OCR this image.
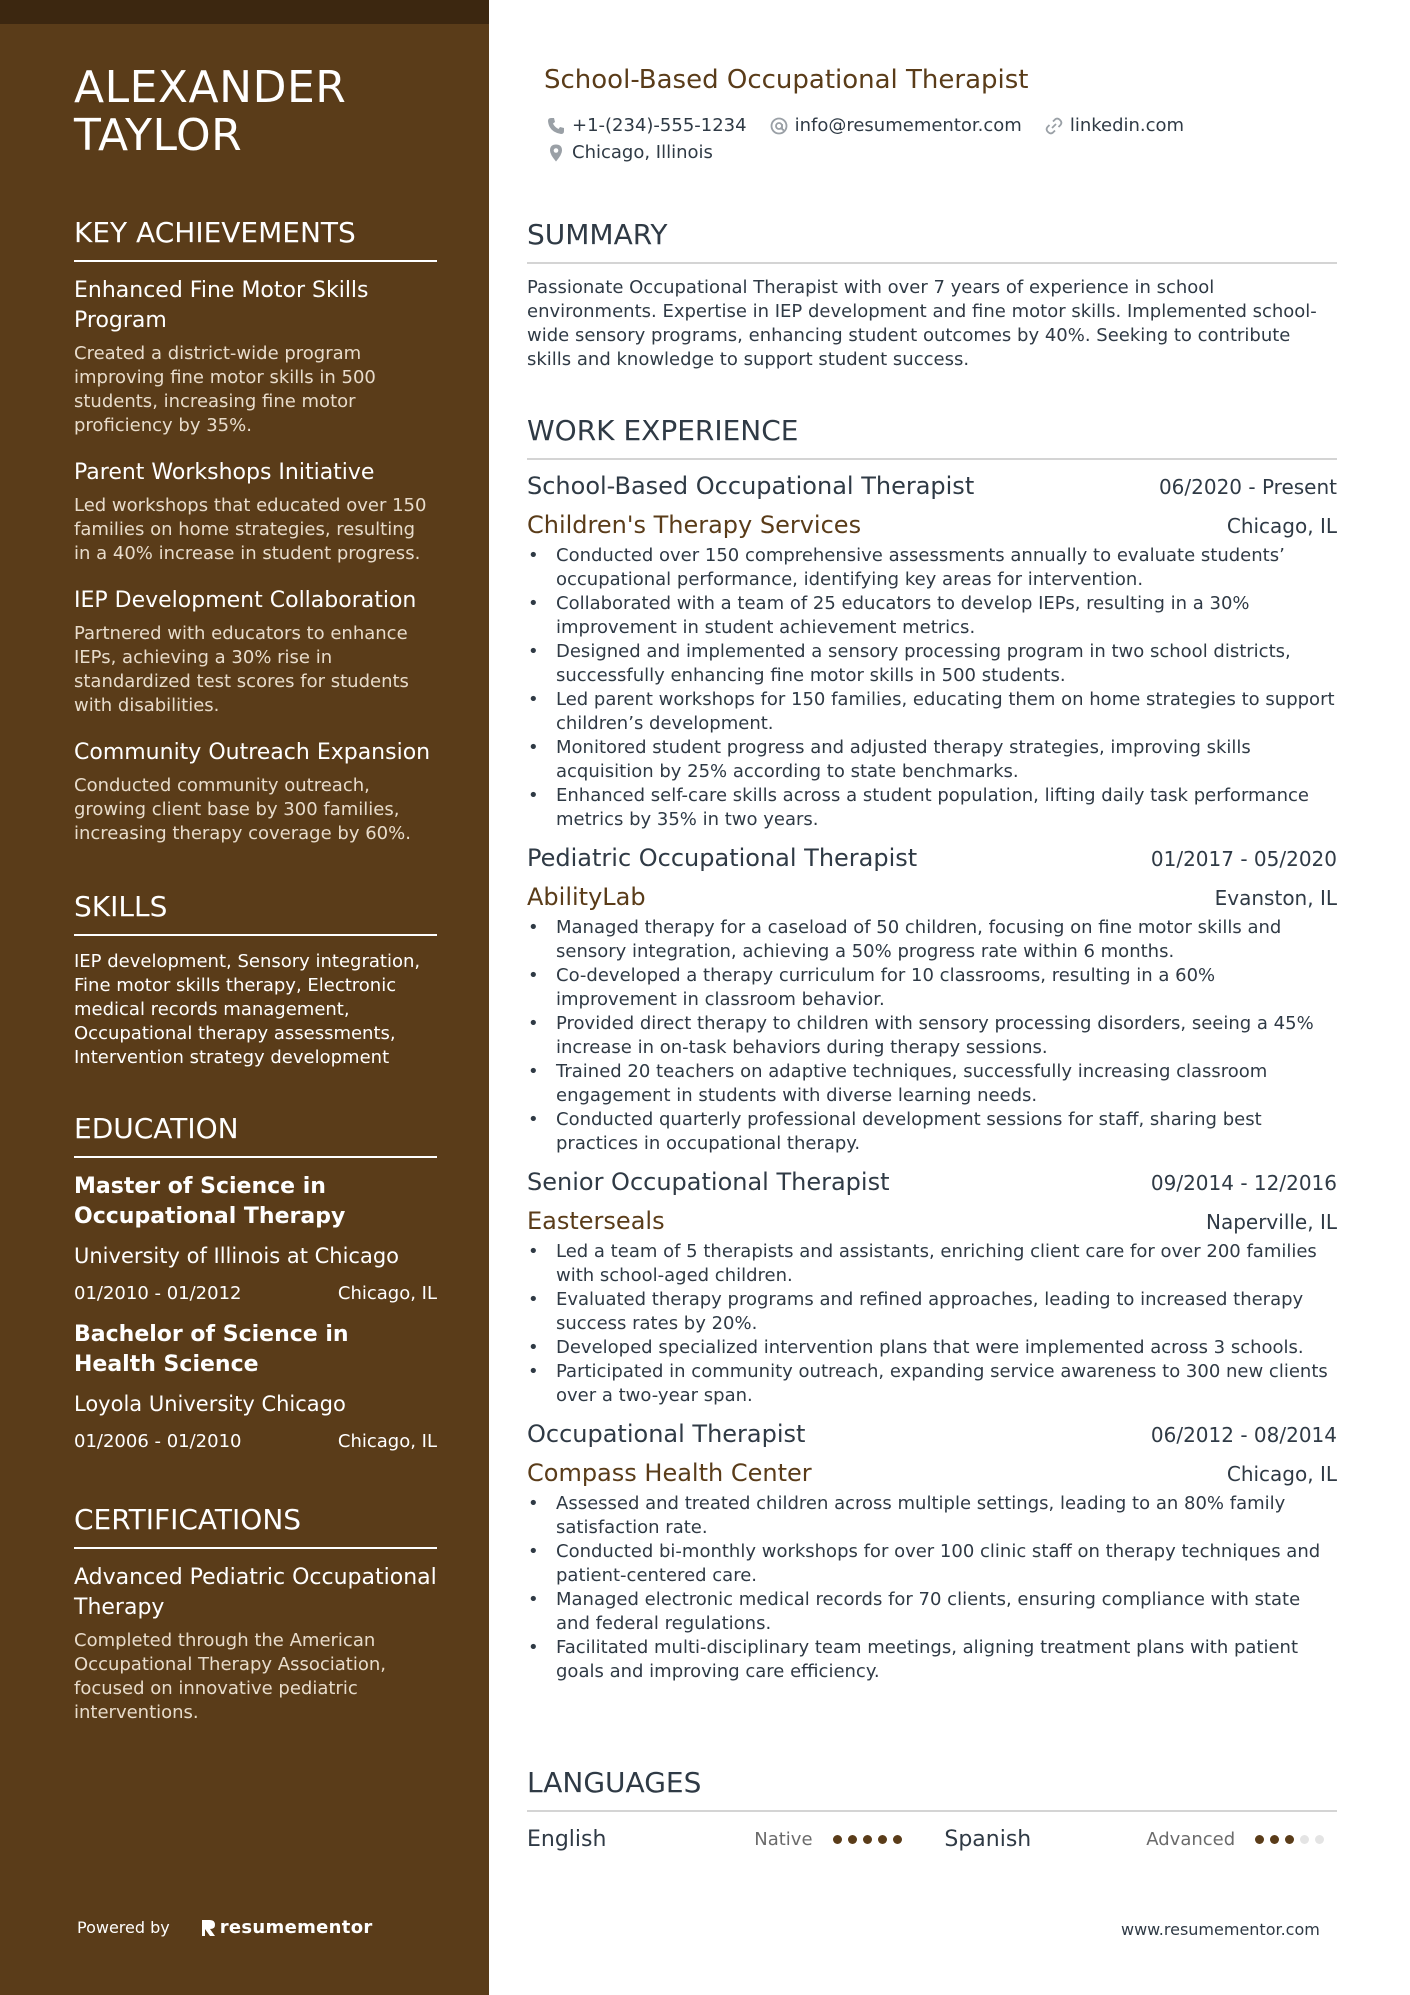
ALEXANDER
TAYLOR
KEY ACHIEVEMENTS
Enhanced Fine Motor Skills Program
Created a district-wide program improving fine motor skills in 500 students, increasing fine motor proficiency by 35%.
Parent Workshops Initiative
Led workshops that educated over 150 families on home strategies, resulting in a 40% increase in student progress.
IEP Development Collaboration
Partnered with educators to enhance IEPs, achieving a 30% rise in standardized test scores for students with disabilities.
Community Outreach Expansion
Conducted community outreach, growing client base by 300 families, increasing therapy coverage by 60%.
SKILLS
IEP development, Sensory integration, Fine motor skills therapy, Electronic medical records management, Occupational therapy assessments, Intervention strategy development
EDUCATION
Master of Science in Occupational Therapy
University of Illinois at Chicago
01/2010 - 01/2012	Chicago, IL
Bachelor of Science in Health Science
Loyola University Chicago
01/2006 - 01/2010	Chicago, IL
CERTIFICATIONS
Advanced Pediatric Occupational Therapy
Completed through the American Occupational Therapy Association, focused on innovative pediatric interventions.
Powered by	resumementor
School-Based Occupational Therapist
+1-(234)-555-1234	info@resumementor.com	linkedin.com
Chicago, Illinois
SUMMARY
Passionate Occupational Therapist with over 7 years of experience in school environments. Expertise in IEP development and fine motor skills. Implemented school-wide sensory programs, enhancing student outcomes by 40%. Seeking to contribute skills and knowledge to support student success.
WORK EXPERIENCE
School-Based Occupational Therapist	06/2020 - Present
Children's Therapy Services	Chicago, IL
• Conducted over 150 comprehensive assessments annually to evaluate students’ occupational performance, identifying key areas for intervention.
• Collaborated with a team of 25 educators to develop IEPs, resulting in a 30% improvement in student achievement metrics.
• Designed and implemented a sensory processing program in two school districts, successfully enhancing fine motor skills in 500 students.
• Led parent workshops for 150 families, educating them on home strategies to support children’s development.
• Monitored student progress and adjusted therapy strategies, improving skills acquisition by 25% according to state benchmarks.
• Enhanced self-care skills across a student population, lifting daily task performance metrics by 35% in two years.
Pediatric Occupational Therapist	01/2017 - 05/2020
AbilityLab	Evanston, IL
• Managed therapy for a caseload of 50 children, focusing on fine motor skills and sensory integration, achieving a 50% progress rate within 6 months.
• Co-developed a therapy curriculum for 10 classrooms, resulting in a 60% improvement in classroom behavior.
• Provided direct therapy to children with sensory processing disorders, seeing a 45% increase in on-task behaviors during therapy sessions.
• Trained 20 teachers on adaptive techniques, successfully increasing classroom engagement in students with diverse learning needs.
• Conducted quarterly professional development sessions for staff, sharing best practices in occupational therapy.
Senior Occupational Therapist	09/2014 - 12/2016
Easterseals	Naperville, IL
• Led a team of 5 therapists and assistants, enriching client care for over 200 families with school-aged children.
• Evaluated therapy programs and refined approaches, leading to increased therapy success rates by 20%.
• Developed specialized intervention plans that were implemented across 3 schools.
• Participated in community outreach, expanding service awareness to 300 new clients over a two-year span.
Occupational Therapist	06/2012 - 08/2014
Compass Health Center	Chicago, IL
• Assessed and treated children across multiple settings, leading to an 80% family satisfaction rate.
• Conducted bi-monthly workshops for over 100 clinic staff on therapy techniques and patient-centered care.
• Managed electronic medical records for 70 clients, ensuring compliance with state and federal regulations.
• Facilitated multi-disciplinary team meetings, aligning treatment plans with patient goals and improving care efficiency.
LANGUAGES
English	Native	Spanish	Advanced
www.resumementor.com
